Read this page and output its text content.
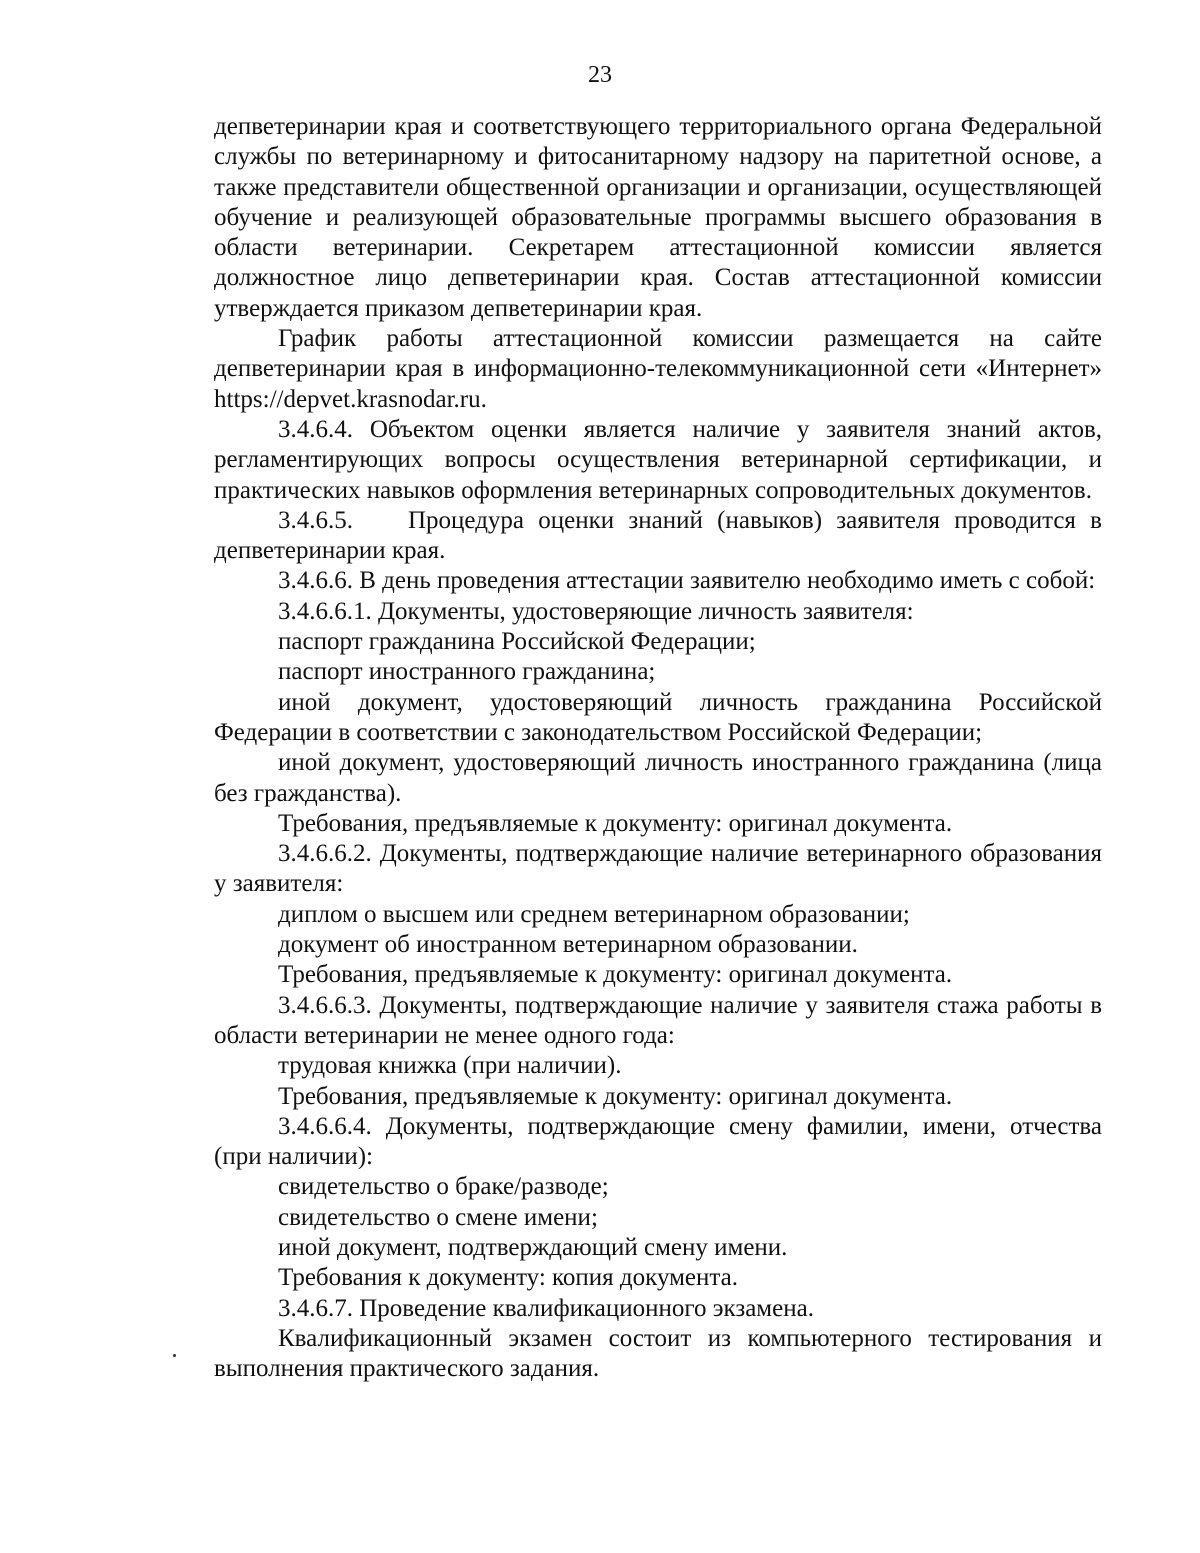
23

депветеринарии края и соответствующего территориального органа Федеральной службы по ветеринарному и фитосанитарному надзору на паритетной основе, а также представители общественной организации и организации, осуществляющей обучение и реализующей образовательные программы высшего образования в области ветеринарии. Секретарем аттестационной комиссии является должностное лицо депветеринарии края. Состав аттестационной комиссии утверждается приказом депветеринарии края.

График работы аттестационной комиссии размещается на сайте депветеринарии края в информационно-телекоммуникационной сети «Интернет» https://depvet.krasnodar.ru.

3.4.6.4. Объектом оценки является наличие у заявителя знаний актов, регламентирующих вопросы осуществления ветеринарной сертификации, и практических навыков оформления ветеринарных сопроводительных документов.

3.4.6.5. Процедура оценки знаний (навыков) заявителя проводится в депветеринарии края.

3.4.6.6. В день проведения аттестации заявителю необходимо иметь с собой:

3.4.6.6.1. Документы, удостоверяющие личность заявителя:

паспорт гражданина Российской Федерации;

паспорт иностранного гражданина;

иной документ, удостоверяющий личность гражданина Российской Федерации в соответствии с законодательством Российской Федерации;

иной документ, удостоверяющий личность иностранного гражданина (лица без гражданства).

Требования, предъявляемые к документу: оригинал документа.

3.4.6.6.2. Документы, подтверждающие наличие ветеринарного образования у заявителя:

диплом о высшем или среднем ветеринарном образовании;

документ об иностранном ветеринарном образовании.

Требования, предъявляемые к документу: оригинал документа.

3.4.6.6.3. Документы, подтверждающие наличие у заявителя стажа работы в области ветеринарии не менее одного года:

трудовая книжка (при наличии).

Требования, предъявляемые к документу: оригинал документа.

3.4.6.6.4. Документы, подтверждающие смену фамилии, имени, отчества (при наличии):

свидетельство о браке/разводе;

свидетельство о смене имени;

иной документ, подтверждающий смену имени.

Требования к документу: копия документа.

3.4.6.7. Проведение квалификационного экзамена.

Квалификационный экзамен состоит из компьютерного тестирования и выполнения практического задания.
